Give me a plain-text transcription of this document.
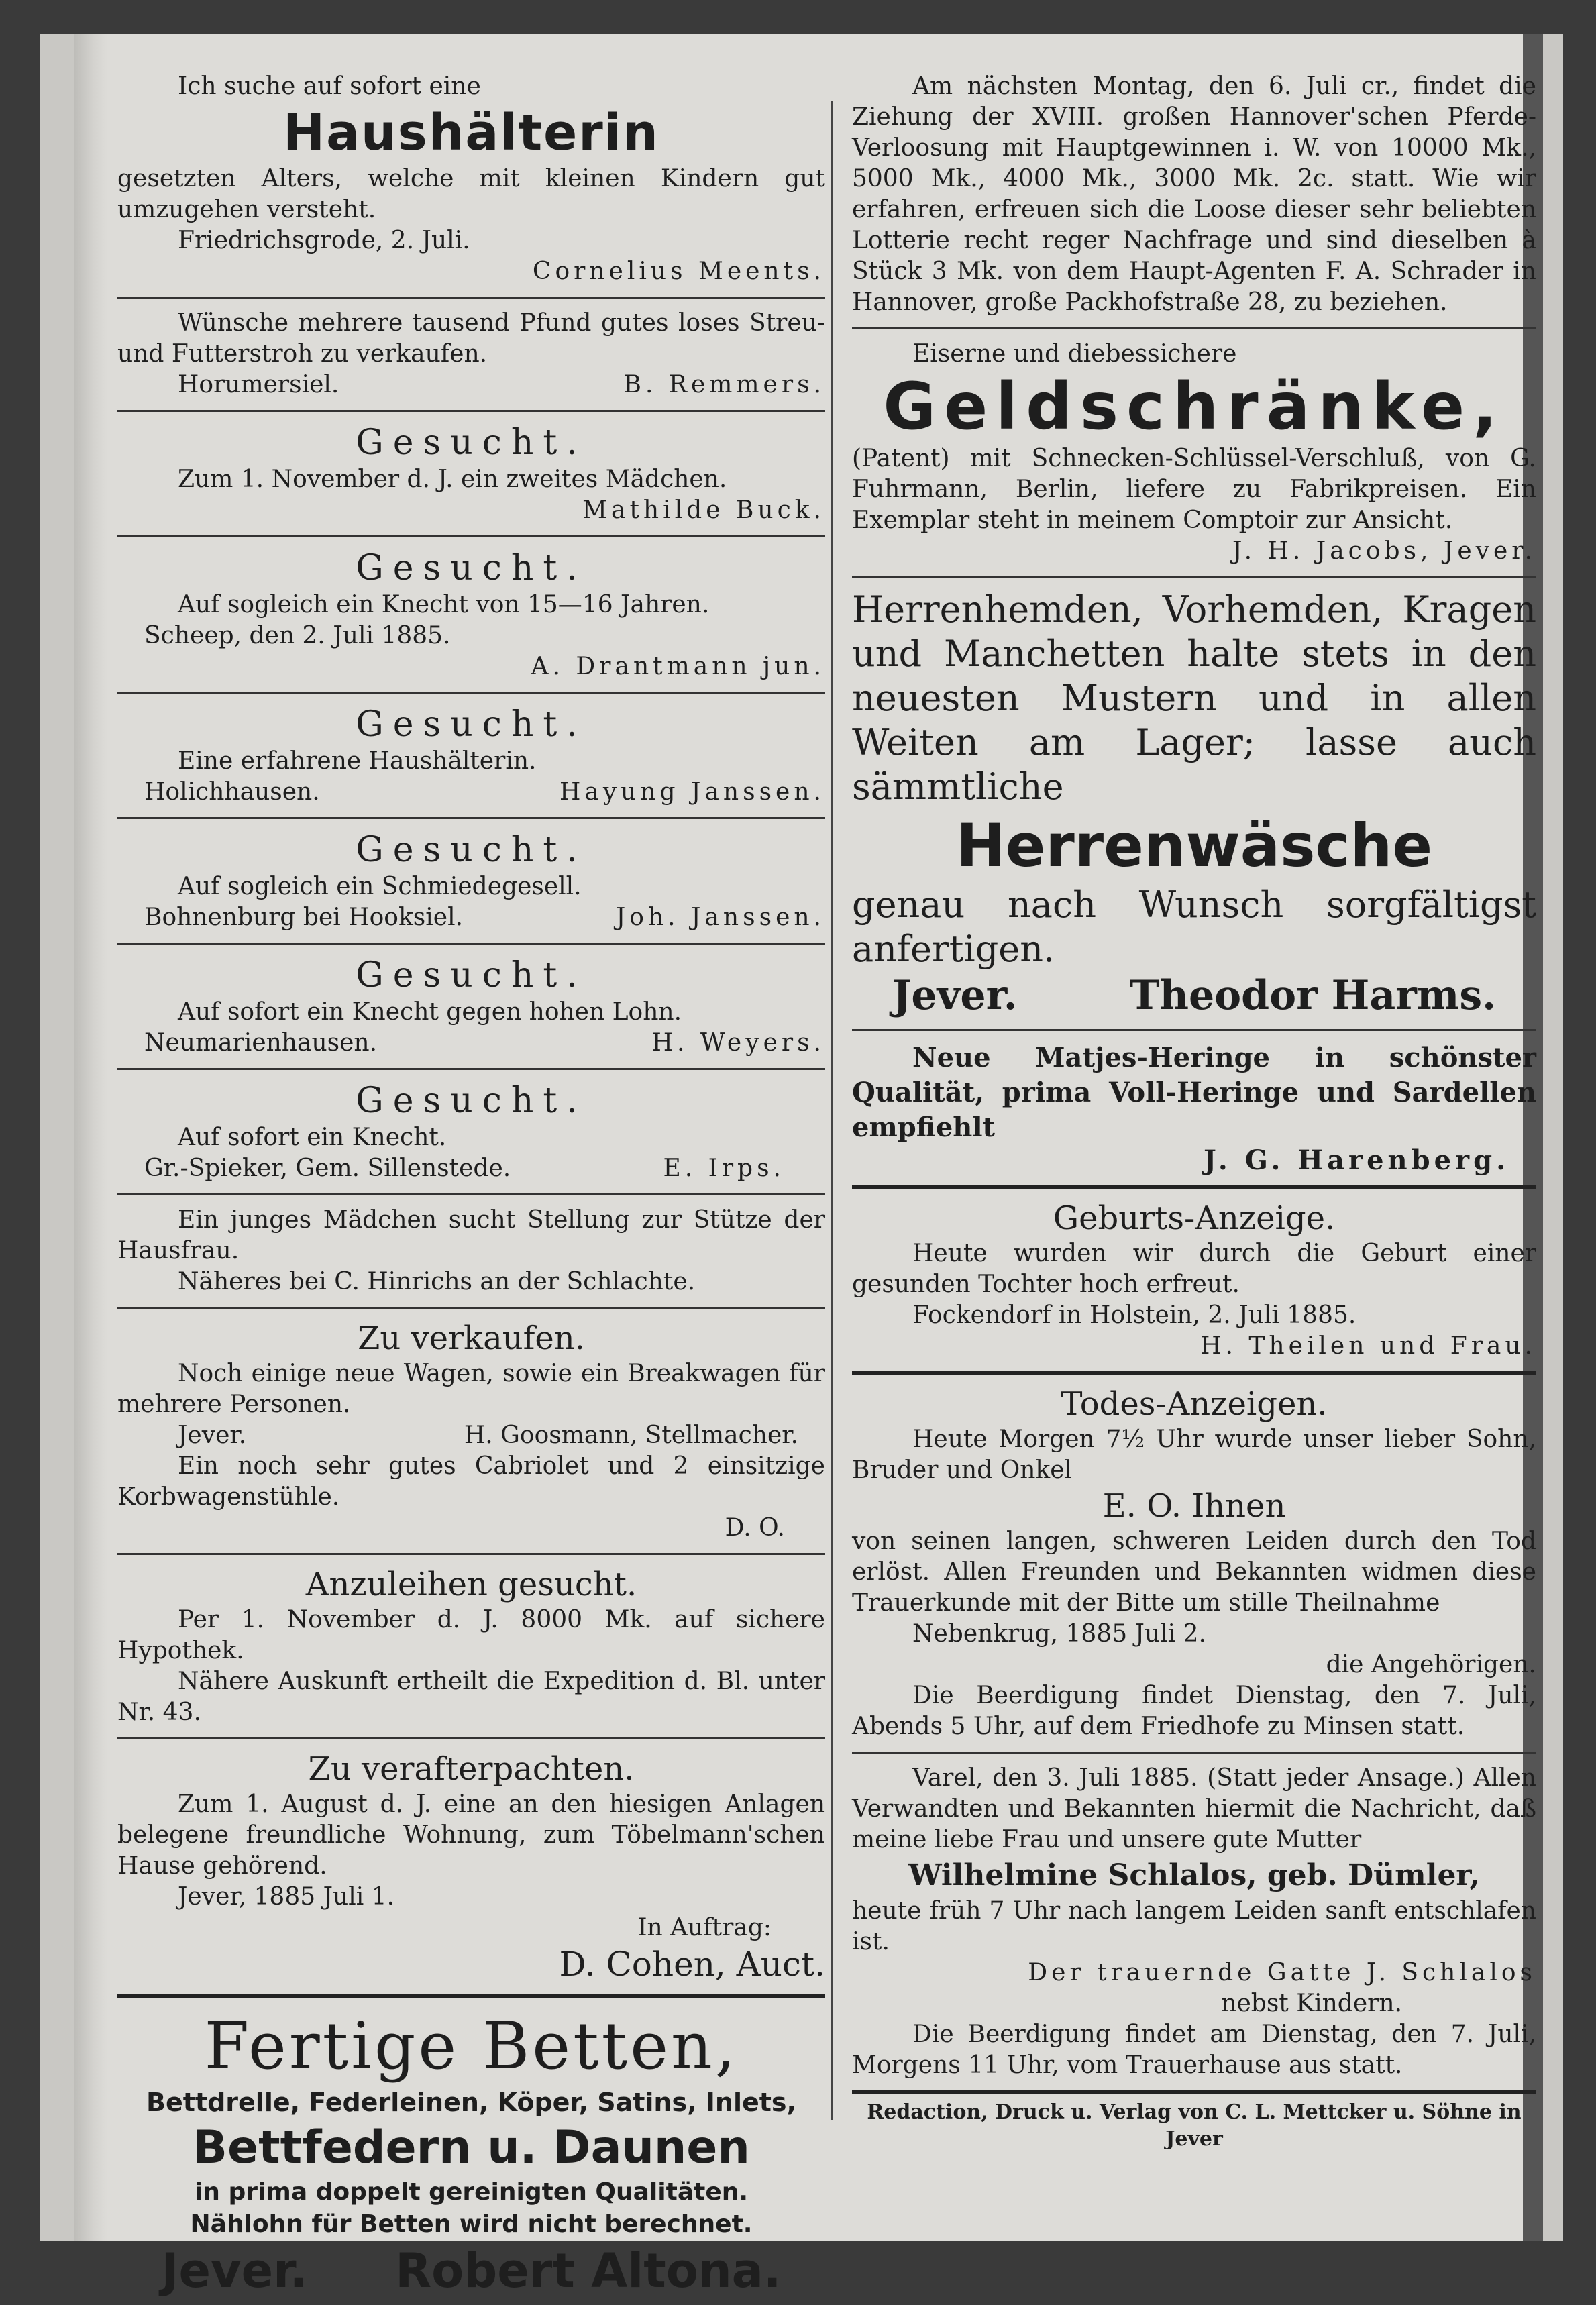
Ich suche auf sofort eine
Haushälterin
gesetzten Alters, welche mit kleinen Kindern gut umzugehen versteht.
Friedrichsgrode, 2. Juli.
Cornelius Meents.
Wünsche mehrere tausend Pfund gutes loses Streu- und Futterstroh zu verkaufen.
Horumersiel.	B. Remmers.
Gesucht.
Zum 1. November d. J. ein zweites Mädchen.
Mathilde Buck.
Gesucht.
Auf sogleich ein Knecht von 15—16 Jahren.
Scheep, den 2. Juli 1885.
A. Drantmann jun.
Gesucht.
Eine erfahrene Haushälterin.
Holichhausen.	Hayung Janssen.
Gesucht.
Auf sogleich ein Schmiedegesell.
Bohnenburg bei Hooksiel.	Joh. Janssen.
Gesucht.
Auf sofort ein Knecht gegen hohen Lohn.
Neumarienhausen.	H. Weyers.
Gesucht.
Auf sofort ein Knecht.
Gr.-Spieker, Gem. Sillenstede.	E. Irps.
Ein junges Mädchen sucht Stellung zur Stütze der Hausfrau.
Näheres bei C. Hinrichs an der Schlachte.
Zu verkaufen.
Noch einige neue Wagen, sowie ein Breakwagen für mehrere Personen.
Jever.	H. Goosmann, Stellmacher.
Ein noch sehr gutes Cabriolet und 2 einsitzige Korbwagenstühle.
D. O.
Anzuleihen gesucht.
Per 1. November d. J. 8000 Mk. auf sichere Hypothek.
Nähere Auskunft ertheilt die Expedition d. Bl. unter Nr. 43.
Zu verafterpachten.
Zum 1. August d. J. eine an den hiesigen Anlagen belegene freundliche Wohnung, zum Töbelmann'schen Hause gehörend.
Jever, 1885 Juli 1.
In Auftrag:
D. Cohen, Auct.
Fertige Betten,
Bettdrelle, Federleinen, Köper, Satins, Inlets,
Bettfedern u. Daunen
in prima doppelt gereinigten Qualitäten.
Nählohn für Betten wird nicht berechnet.
Jever. Robert Altona.
Am nächsten Montag, den 6. Juli cr., findet die Ziehung der XVIII. großen Hannover'schen Pferde-Verloosung mit Hauptgewinnen i. W. von 10000 Mk., 5000 Mk., 4000 Mk., 3000 Mk. 2c. statt. Wie wir erfahren, erfreuen sich die Loose dieser sehr beliebten Lotterie recht reger Nachfrage und sind dieselben à Stück 3 Mk. von dem Haupt-Agenten F. A. Schrader in Hannover, große Packhofstraße 28, zu beziehen.
Eiserne und diebessichere
Geldschränke,
(Patent) mit Schnecken-Schlüssel-Verschluß, von G. Fuhrmann, Berlin, liefere zu Fabrikpreisen. Ein Exemplar steht in meinem Comptoir zur Ansicht.
J. H. Jacobs, Jever.
Herrenhemden, Vorhemden, Kragen und Manchetten halte stets in den neuesten Mustern und in allen Weiten am Lager; lasse auch sämmtliche
Herrenwäsche
genau nach Wunsch sorgfältigst anfertigen.
Jever.	Theodor Harms.
Neue Matjes-Heringe in schönster Qualität, prima Voll-Heringe und Sardellen empfiehlt
J. G. Harenberg.
Geburts-Anzeige.
Heute wurden wir durch die Geburt einer gesunden Tochter hoch erfreut.
Fockendorf in Holstein, 2. Juli 1885.
H. Theilen und Frau.
Todes-Anzeigen.
Heute Morgen 7½ Uhr wurde unser lieber Sohn, Bruder und Onkel
E. O. Ihnen
von seinen langen, schweren Leiden durch den Tod erlöst. Allen Freunden und Bekannten widmen diese Trauerkunde mit der Bitte um stille Theilnahme
Nebenkrug, 1885 Juli 2.
die Angehörigen.
Die Beerdigung findet Dienstag, den 7. Juli, Abends 5 Uhr, auf dem Friedhofe zu Minsen statt.
Varel, den 3. Juli 1885. (Statt jeder Ansage.) Allen Verwandten und Bekannten hiermit die Nachricht, daß meine liebe Frau und unsere gute Mutter
Wilhelmine Schlalos, geb. Dümler,
heute früh 7 Uhr nach langem Leiden sanft entschlafen ist.
Der trauernde Gatte J. Schlalos
nebst Kindern.
Die Beerdigung findet am Dienstag, den 7. Juli, Morgens 11 Uhr, vom Trauerhause aus statt.
Redaction, Druck u. Verlag von C. L. Mettcker u. Söhne in Jever
